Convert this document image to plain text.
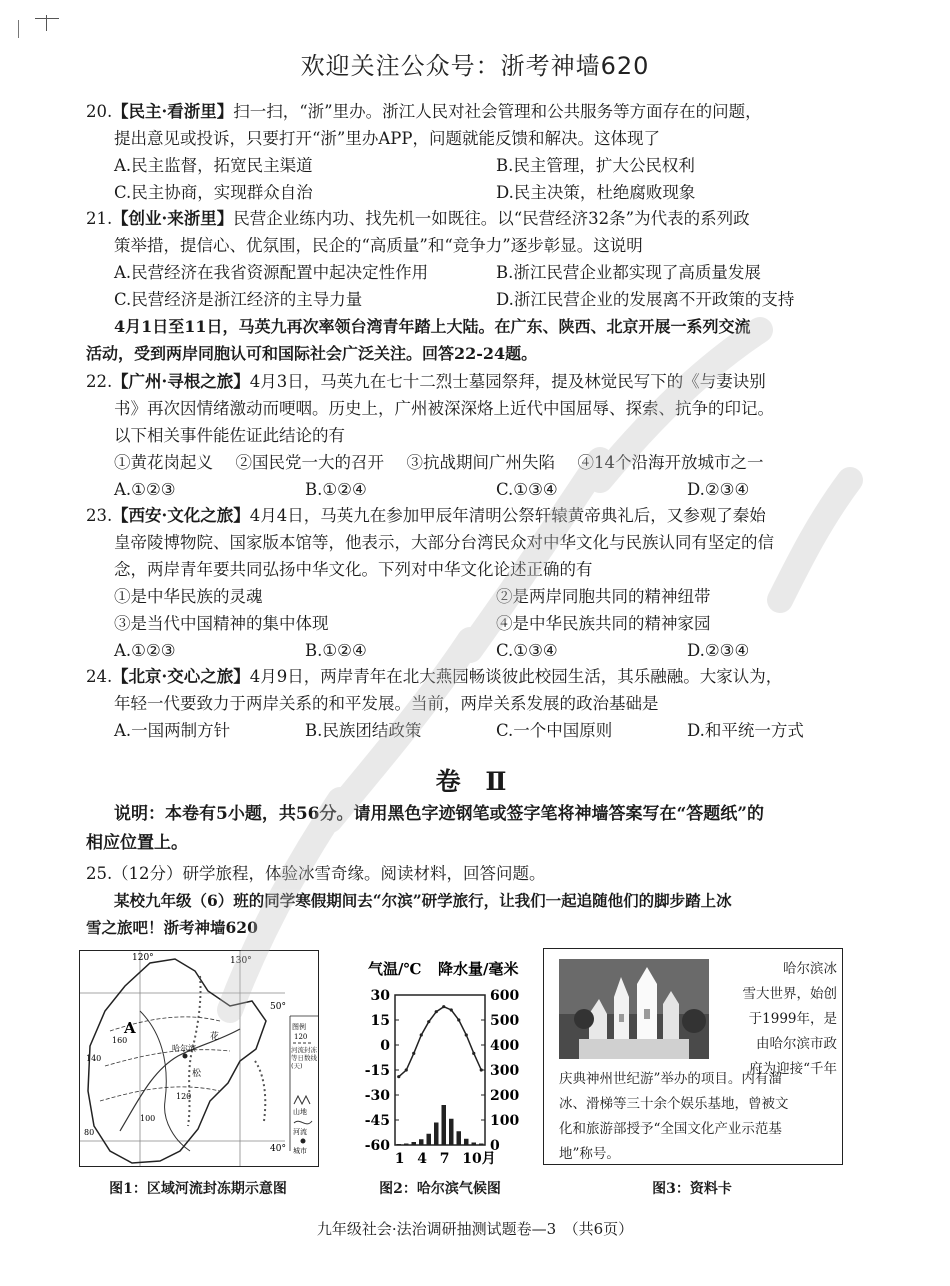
欢迎关注公众号：浙考神墙620
20.【民主·看浙里】扫一扫，“浙”里办。浙江人民对社会管理和公共服务等方面存在的问题，
提出意见或投诉，只要打开“浙”里办APP，问题就能反馈和解决。这体现了
A.民主监督，拓宽民主渠道	B.民主管理，扩大公民权利
C.民主协商，实现群众自治	D.民主决策，杜绝腐败现象
21.【创业·来浙里】民营企业练内功、找先机一如既往。以“民营经济32条”为代表的系列政
策举措，提信心、优氛围，民企的“高质量”和“竞争力”逐步彰显。这说明
A.民营经济在我省资源配置中起决定性作用	B.浙江民营企业都实现了高质量发展
C.民营经济是浙江经济的主导力量	D.浙江民营企业的发展离不开政策的支持
4月1日至11日，马英九再次率领台湾青年踏上大陆。在广东、陕西、北京开展一系列交流
活动，受到两岸同胞认可和国际社会广泛关注。回答22-24题。
22.【广州·寻根之旅】4月3日，马英九在七十二烈士墓园祭拜，提及林觉民写下的《与妻诀别
书》再次因情绪激动而哽咽。历史上，广州被深深烙上近代中国屈辱、探索、抗争的印记。
以下相关事件能佐证此结论的有
①黄花岗起义 ②国民党一大的召开 ③抗战期间广州失陷 ④14个沿海开放城市之一
A.①②③	B.①②④	C.①③④	D.②③④
23.【西安·文化之旅】4月4日，马英九在参加甲辰年清明公祭轩辕黄帝典礼后，又参观了秦始
皇帝陵博物院、国家版本馆等，他表示，大部分台湾民众对中华文化与民族认同有坚定的信
念，两岸青年要共同弘扬中华文化。下列对中华文化论述正确的有
①是中华民族的灵魂	②是两岸同胞共同的精神纽带
③是当代中国精神的集中体现	④是中华民族共同的精神家园
A.①②③	B.①②④	C.①③④	D.②③④
24.【北京·交心之旅】4月9日，两岸青年在北大燕园畅谈彼此校园生活，其乐融融。大家认为，
年轻一代要致力于两岸关系的和平发展。当前，两岸关系发展的政治基础是
A.一国两制方针	B.民族团结政策	C.一个中国原则	D.和平统一方式
卷 Ⅱ
说明：本卷有5小题，共56分。请用黑色字迹钢笔或签字笔将神墙答案写在“答题纸”的
相应位置上。
25.（12分）研学旅程，体验冰雪奇缘。阅读材料，回答问题。
某校九年级（6）班的同学寒假期间去“尔滨”研学旅行，让我们一起追随他们的脚步踏上冰
雪之旅吧！浙考神墙620
120°	130°
50°
40°
A
140
160
120
100
80
哈尔滨
松
花
图例
120
河流封冻等日数线(天)
山地
河流
城市
图1：区域河流封冻期示意图
气温/℃ 降水量/毫米
30
15
0
-15
-30
-45
-60
600
500
400
300
200
100
0
1 4 7 10月
图2：哈尔滨气候图
哈尔滨冰
雪大世界，始创
于1999年，是
由哈尔滨市政
府为迎接“千年
庆典神州世纪游”举办的项目。内有溜
冰、滑梯等三十余个娱乐基地，曾被文
化和旅游部授予“全国文化产业示范基
地”称号。
图3：资料卡
九年级社会·法治调研抽测试题卷—3　（共6页）
